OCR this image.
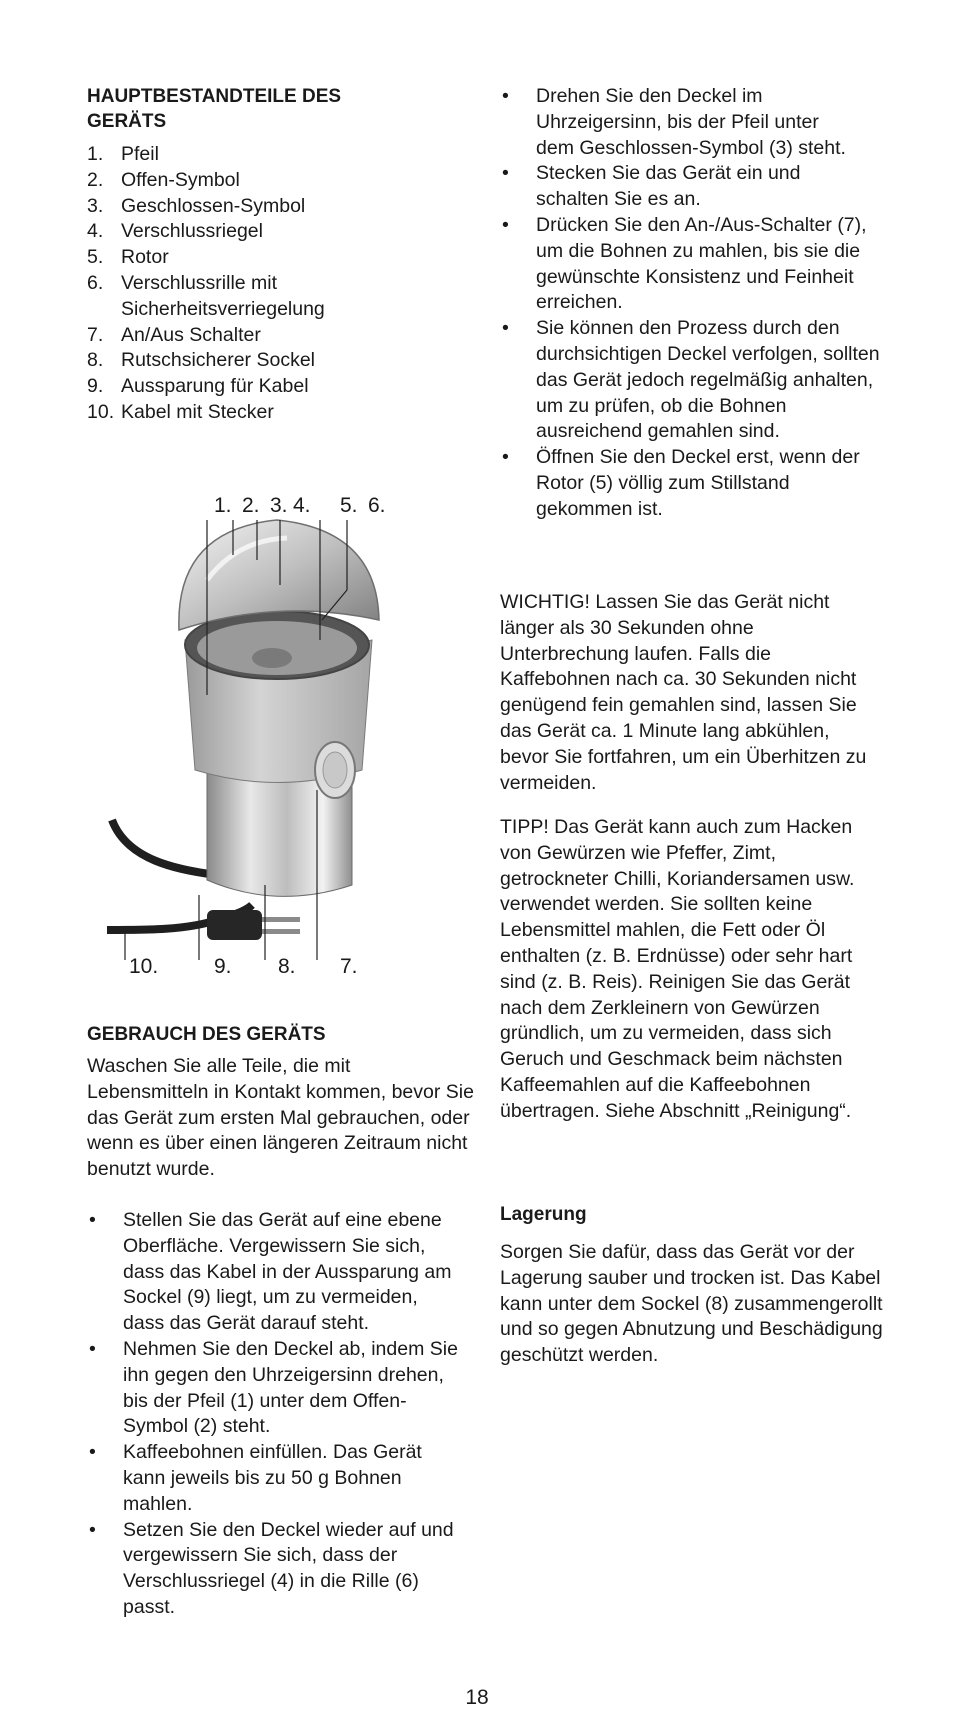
HAUPTBESTANDTEILE DES GERÄTS
1. Pfeil
2. Offen-Symbol
3. Geschlossen-Symbol
4. Verschlussriegel
5. Rotor
6. Verschlussrille mit Sicherheitsverriegelung
7. An/Aus Schalter
8. Rutschsicherer Sockel
9. Aussparung für Kabel
10. Kabel mit Stecker
GEBRAUCH DES GERÄTS

Waschen Sie alle Teile, die mit Lebensmitteln in Kontakt kommen, bevor Sie das Gerät zum ersten Mal gebrauchen, oder wenn es über einen längeren Zeitraum nicht benutzt wurde.

•	Stellen Sie das Gerät auf eine ebene Oberfläche. Vergewissern Sie sich, dass das Kabel in der Aussparung am Sockel (9) liegt, um zu vermeiden, dass das Gerät darauf steht.
•	Nehmen Sie den Deckel ab, indem Sie ihn gegen den Uhrzeigersinn drehen, bis der Pfeil (1) unter dem Offen-Symbol (2) steht.
•	Kaffeebohnen einfüllen. Das Gerät kann jeweils bis zu 50 g Bohnen mahlen.
•	Setzen Sie den Deckel wieder auf und vergewissern Sie sich, dass der Verschlussriegel (4) in die Rille (6) passt.
1. 2. 3. 4. 5. 6.
10.	9. 8. 7.
•	Drehen Sie den Deckel im Uhrzeigersinn, bis der Pfeil unter dem Geschlossen-Symbol (3) steht.
•	Stecken Sie das Gerät ein und schalten Sie es an.
•	Drücken Sie den An-/Aus-Schalter (7), um die Bohnen zu mahlen, bis sie die gewünschte Konsistenz und Feinheit erreichen.
•	Sie können den Prozess durch den durchsichtigen Deckel verfolgen, sollten das Gerät jedoch regelmäßig anhalten, um zu prüfen, ob die Bohnen ausreichend gemahlen sind.
•	Öffnen Sie den Deckel erst, wenn der Rotor (5) völlig zum Stillstand gekommen ist.

WICHTIG! Lassen Sie das Gerät nicht länger als 30 Sekunden ohne Unterbrechung laufen. Falls die Kaffebohnen nach ca. 30 Sekunden nicht genügend fein gemahlen sind, lassen Sie das Gerät ca. 1 Minute lang abkühlen, bevor Sie fortfahren, um ein Überhitzen zu vermeiden.

TIPP! Das Gerät kann auch zum Hacken von Gewürzen wie Pfeffer, Zimt, getrockneter Chilli, Koriandersamen usw. verwendet werden. Sie sollten keine Lebensmittel mahlen, die Fett oder Öl enthalten (z. B. Erdnüsse) oder sehr hart sind (z. B. Reis). Reinigen Sie das Gerät nach dem Zerkleinern von Gewürzen gründlich, um zu vermeiden, dass sich Geruch und Geschmack beim nächsten Kaffeemahlen auf die Kaffeebohnen übertragen. Siehe Abschnitt „Reinigung“.

Lagerung

Sorgen Sie dafür, dass das Gerät vor der Lagerung sauber und trocken ist. Das Kabel kann unter dem Sockel (8) zusammengerollt und so gegen Abnutzung und Beschädigung geschützt werden.

18
